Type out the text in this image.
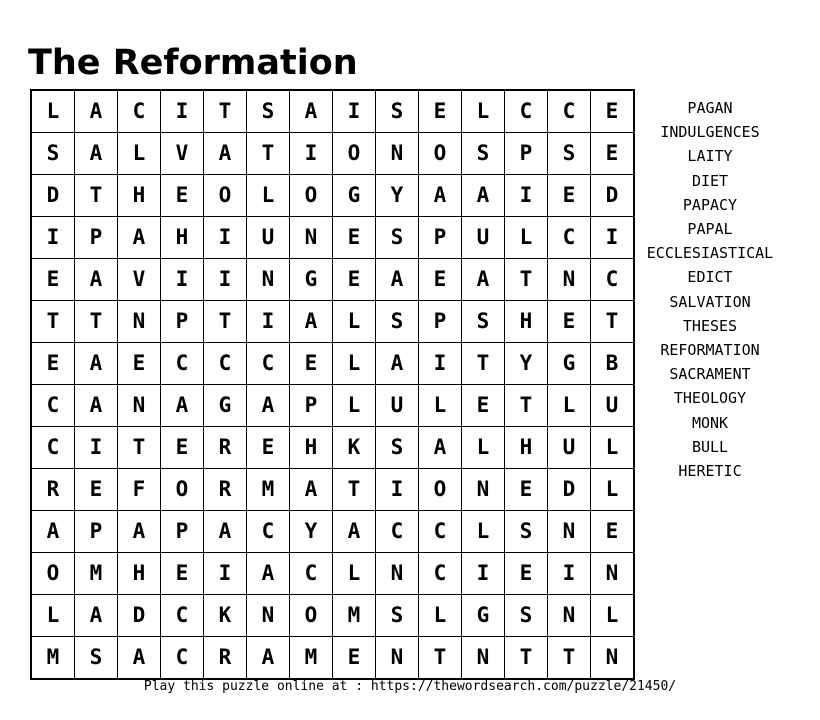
The Reformation
L	A	C	I	T	S	A	I	S	E	L	C	C	E
S	A	L	V	A	T	I	O	N	O	S	P	S	E
D	T	H	E	O	L	O	G	Y	A	A	I	E	D
I	P	A	H	I	U	N	E	S	P	U	L	C	I
E	A	V	I	I	N	G	E	A	E	A	T	N	C
T	T	N	P	T	I	A	L	S	P	S	H	E	T
E	A	E	C	C	C	E	L	A	I	T	Y	G	B
C	A	N	A	G	A	P	L	U	L	E	T	L	U
C	I	T	E	R	E	H	K	S	A	L	H	U	L
R	E	F	O	R	M	A	T	I	O	N	E	D	L
A	P	A	P	A	C	Y	A	C	C	L	S	N	E
O	M	H	E	I	A	C	L	N	C	I	E	I	N
L	A	D	C	K	N	O	M	S	L	G	S	N	L
M	S	A	C	R	A	M	E	N	T	N	T	T	N
PAGAN
INDULGENCES
LAITY
DIET
PAPACY
PAPAL
ECCLESIASTICAL
EDICT
SALVATION
THESES
REFORMATION
SACRAMENT
THEOLOGY
MONK
BULL
HERETIC
Play this puzzle online at : https://thewordsearch.com/puzzle/21450/
